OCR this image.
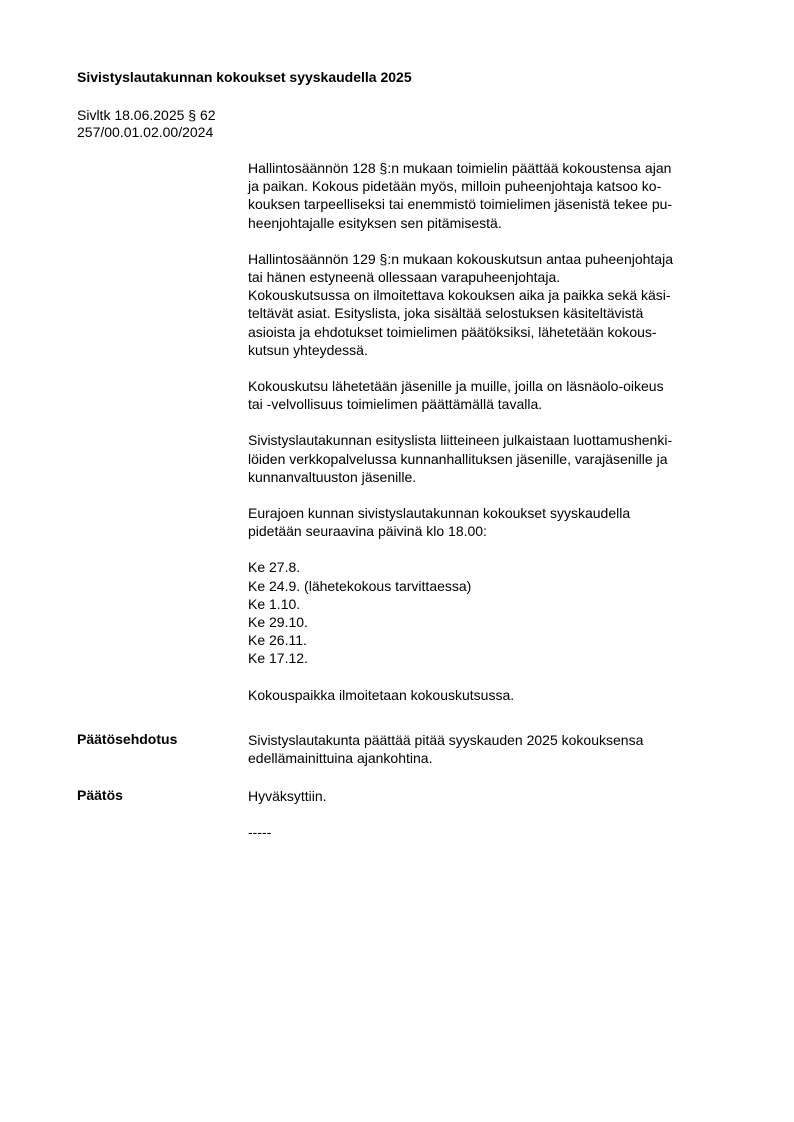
Sivistyslautakunnan kokoukset syyskaudella 2025
Sivltk 18.06.2025 § 62
257/00.01.02.00/2024
Hallintosäännön 128 §:n mukaan toimielin päättää kokoustensa ajan
ja paikan. Kokous pidetään myös, milloin puheenjohtaja katsoo ko-
kouksen tarpeelliseksi tai enemmistö toimielimen jäsenistä tekee pu-
heenjohtajalle esityksen sen pitämisestä.
Hallintosäännön 129 §:n mukaan kokouskutsun antaa puheenjohtaja
tai hänen estyneenä ollessaan varapuheenjohtaja.
Kokouskutsussa on ilmoitettava kokouksen aika ja paikka sekä käsi-
teltävät asiat. Esityslista, joka sisältää selostuksen käsiteltävistä
asioista ja ehdotukset toimielimen päätöksiksi, lähetetään kokous-
kutsun yhteydessä.
Kokouskutsu lähetetään jäsenille ja muille, joilla on läsnäolo-oikeus
tai -velvollisuus toimielimen päättämällä tavalla.
Sivistyslautakunnan esityslista liitteineen julkaistaan luottamushenki-
löiden verkkopalvelussa kunnanhallituksen jäsenille, varajäsenille ja
kunnanvaltuuston jäsenille.
Eurajoen kunnan sivistyslautakunnan kokoukset syyskaudella
pidetään seuraavina päivinä klo 18.00:
Ke 27.8.
Ke 24.9. (lähetekokous tarvittaessa)
Ke 1.10.
Ke 29.10.
Ke 26.11.
Ke 17.12.
Kokouspaikka ilmoitetaan kokouskutsussa.
Päätösehdotus	Sivistyslautakunta päättää pitää syyskauden 2025 kokouksensa
edellämainittuina ajankohtina.
Päätös	Hyväksyttiin.
-----
